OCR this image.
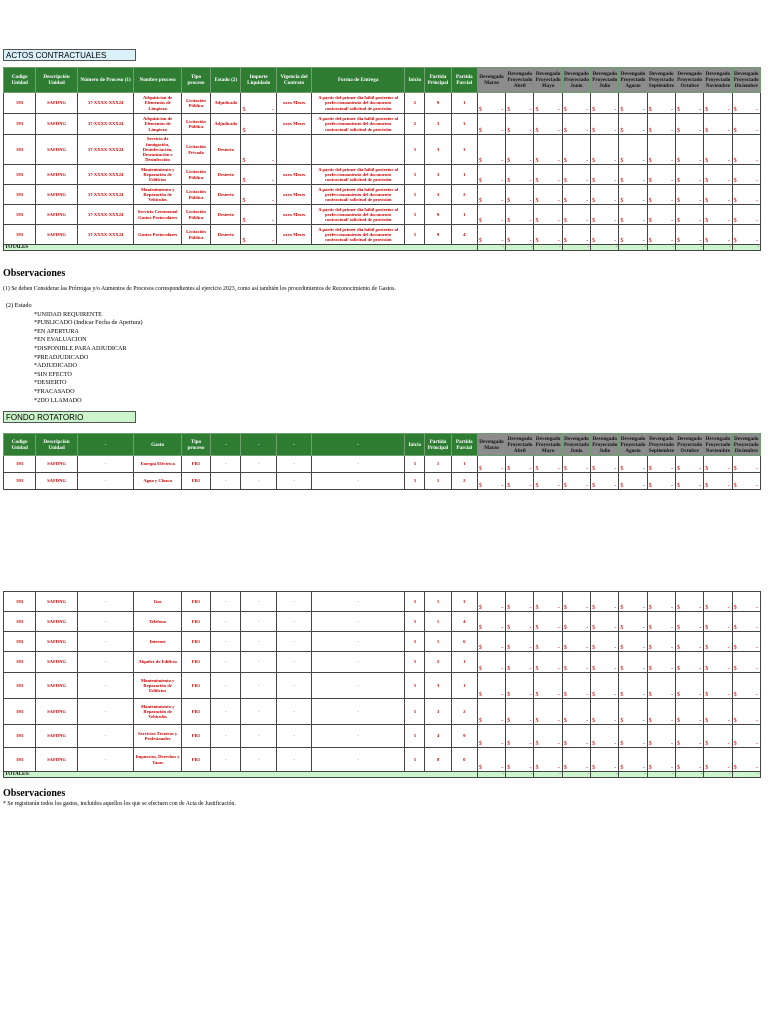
ACTOS CONTRACTUALES
Codigo Unidad	Descripción Unidad	Número de Proceso (1)	Nombre proceso	Tipo proceso	Estado (2)	Importe Liquidado	Vigencia del Contrato	Forma de Entrega	Inicio	Partida Principal	Partida Parcial	Devengado Marzo	Devengado Proyectado Abril	Devengado Proyectado Mayo	Devengado Proyectado Junio	Devengado Proyectado Julio	Devengado Proyectado Agosto	Devengado Proyectado Septiembre	Devengado Proyectado Octubre	Devengado Proyectado Noviembre	Devengado Proyectado Diciembre
593	SAFDNG	37-XXXX-XXX24	Adquisicion de Elementos de Limpieza	Licitación Pública	Adjudicado	$ -	xxxx Meses	A partir del primer día hábil posterior al perfeccionamiento del documento contractual/ solicitud de provisión	2	9	1	$ -	$ -	$ -	$ -	$ -	$ -	$ -	$ -	$ -	$ -

593	SAFDNG	37-XXXX-XXX24	Adquisicion de Elementos de Limpieza	Licitación Pública	Adjudicado	$ -	xxxx Meses	A partir del primer día hábil posterior al perfeccionamiento del documento contractual/ solicitud de provisión	2	3	3	$ -	$ -	$ -	$ -	$ -	$ -	$ -	$ -	$ -	$ -

593	SAFDNG	37-XXXX-XXX24	Servicio de fumigación, Desinfectación, Desratización e Desinfección	Licitación Privada	Desierto	$ -			3	3	3	$ -	$ -	$ -	$ -	$ -	$ -	$ -	$ -	$ -	$ -

593	SAFDNG	37-XXXX-XXX24	Mantenimiento y Reparación de Edificios	Licitación Pública	Desierto	$ -	xxxx Meses	A partir del primer día hábil posterior al perfeccionamiento del documento contractual/ solicitud de provisión	3	3	1	$ -	$ -	$ -	$ -	$ -	$ -	$ -	$ -	$ -	$ -

593	SAFDNG	37-XXXX-XXX24	Mantenimiento y Reparación de Vehículos	Licitación Pública	Desierto	$ -	xxxx Meses	A partir del primer día hábil posterior al perfeccionamiento del documento contractual/ solicitud de provisión	3	3	2	$ -	$ -	$ -	$ -	$ -	$ -	$ -	$ -	$ -	$ -

593	SAFDNG	37-XXXX-XXX24	Servicio Ceremonial Gastos Protocolares	Licitación Pública	Desierto	$ -	xxxx Meses	A partir del primer día hábil posterior al perfeccionamiento del documento contractual/ solicitud de provisión	3	9	1	$ -	$ -	$ -	$ -	$ -	$ -	$ -	$ -	$ -	$ -

593	SAFDNG	37-XXXX-XXX24	Gastos Protocolares	Licitación Pública	Desierto	$ -	xxxx Meses	A partir del primer día hábil posterior al perfeccionamiento del documento contractual/ solicitud de provisión	3	9	4	$ -	$ -	$ -	$ -	$ -	$ -	$ -	$ -	$ -	$ -

TOTALES												-	-	-	-	-	-	-	-	-	-
Observaciones
(1) Se deben Considerar las Prórrogas y/o Aumentos de Procesos correspondientes al ejercicio 2023, como así también los procedimientos de Reconocimiento de Gastos.
(2) Estado
*UNIDAD REQUIRENTE
*PUBLICADO (Indicar Fecha de Apertura)
*EN APERTURA
*EN EVALUACION
*DISPONIBLE PARA ADJUDICAR
*PREADJUDICADO
*ADJUDICADO
*SIN EFECTO
*DESIERTO
*FRACASADO
*2DO LLAMADO
FONDO ROTATORIO
Codigo Unidad	Descripción Unidad	-	Gasto	Tipo proceso	-	-	-	-	Inicio	Partida Principal	Partida Parcial	Devengado Marzo	Devengado Proyectado Abril	Devengado Proyectado Mayo	Devengado Proyectado Junio	Devengado Proyectado Julio	Devengado Proyectado Agosto	Devengado Proyectado Septiembre	Devengado Proyectado Octubre	Devengado Proyectado Noviembre	Devengado Proyectado Diciembre
593	SAFDNG	-	Energía Eléctrica	FR1	-	-	-	-	3	1	1	$ -	$ -	$ -	$ -	$ -	$ -	$ -	$ -	$ -	$ -

593	SAFDNG	-	Agua y Cloaca	FR1	-	-	-	-	3	1	2	$ -	$ -	$ -	$ -	$ -	$ -	$ -	$ -	$ -	$ -
593	SAFDNG	-	Gas	FR1	-	-	-	-	3	1	3	$ -	$ -	$ -	$ -	$ -	$ -	$ -	$ -	$ -	$ -

593	SAFDNG	-	Telefono	FR1	-	-	-	-	3	1	4	$ -	$ -	$ -	$ -	$ -	$ -	$ -	$ -	$ -	$ -

593	SAFDNG	-	Internet	FR1	-	-	-	-	3	1	6	$ -	$ -	$ -	$ -	$ -	$ -	$ -	$ -	$ -	$ -

593	SAFDNG	-	Alquiler de Edificio	FR1	-	-	-	-	3	2	1	$ -	$ -	$ -	$ -	$ -	$ -	$ -	$ -	$ -	$ -

593	SAFDNG	-	Mantenimiento y Reparación de Edificios	FR1	-	-	-	-	3	3	1	$ -	$ -	$ -	$ -	$ -	$ -	$ -	$ -	$ -	$ -

593	SAFDNG	-	Mantenimiento y Reparación de Vehículos	FR1	-	-	-	-	3	3	2	$ -	$ -	$ -	$ -	$ -	$ -	$ -	$ -	$ -	$ -

593	SAFDNG	-	Servicios Técnicos y Profesionales	FR1	-	-	-	-	3	4	9	$ -	$ -	$ -	$ -	$ -	$ -	$ -	$ -	$ -	$ -

593	SAFDNG	-	Impuestos, Derechos y Tasas	FR1	-	-	-	-	3	8	0	$ -	$ -	$ -	$ -	$ -	$ -	$ -	$ -	$ -	$ -

TOTALES:												-	-	-	-	-	-	-	-	-	-
Observaciones
* Se registrarán todos los gastos, incluidos aquellos los que se efectuen con de Acta de Justificación.
